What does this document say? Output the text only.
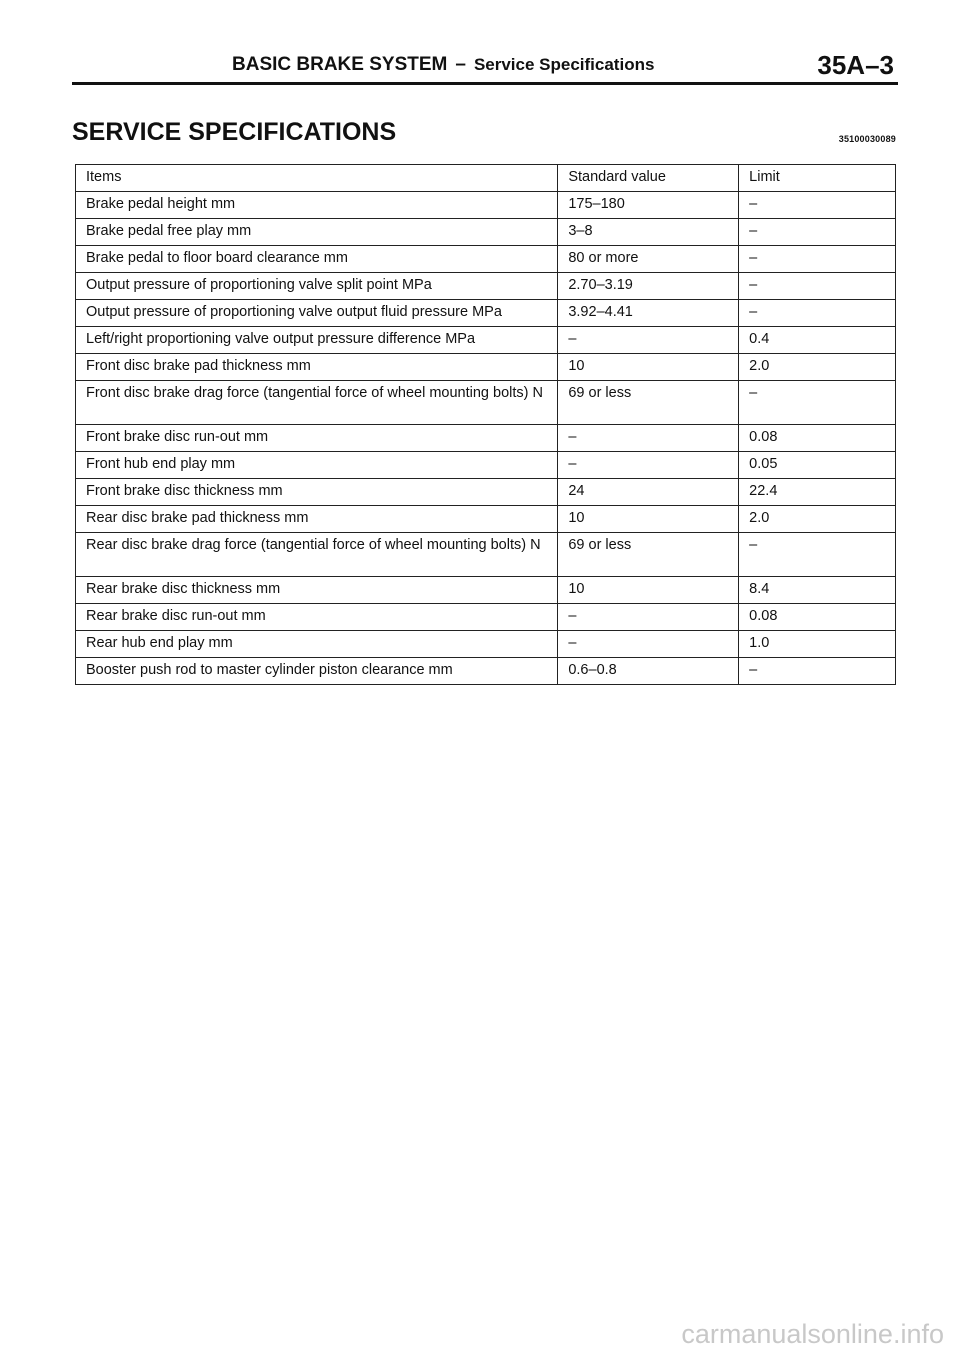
BASIC BRAKE SYSTEM – Service Specifications	35A–3
SERVICE SPECIFICATIONS	35100030089
Items	Standard value	Limit
Brake pedal height mm	175–180	–
Brake pedal free play mm	3–8	–
Brake pedal to floor board clearance mm	80 or more	–
Output pressure of proportioning valve split point MPa	2.70–3.19	–
Output pressure of proportioning valve output fluid pressure MPa	3.92–4.41	–
Left/right proportioning valve output pressure difference MPa	–	0.4
Front disc brake pad thickness mm	10	2.0
Front disc brake drag force (tangential force of wheel mounting bolts) N	69 or less	–
Front brake disc run-out mm	–	0.08
Front hub end play mm	–	0.05
Front brake disc thickness mm	24	22.4
Rear disc brake pad thickness mm	10	2.0
Rear disc brake drag force (tangential force of wheel mounting bolts) N	69 or less	–
Rear brake disc thickness mm	10	8.4
Rear brake disc run-out mm	–	0.08
Rear hub end play mm	–	1.0
Booster push rod to master cylinder piston clearance mm	0.6–0.8	–
carmanualsonline.info
